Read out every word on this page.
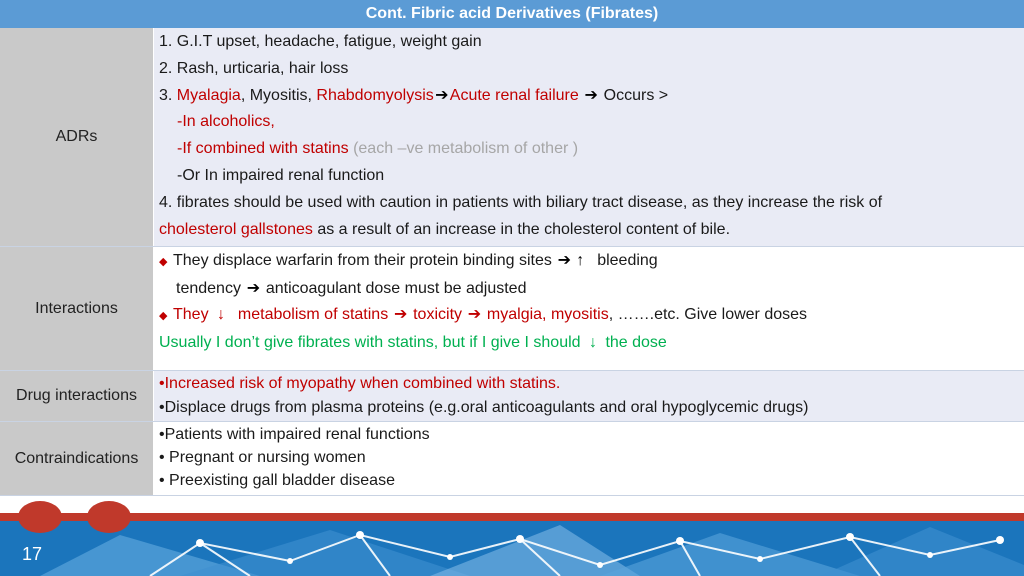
Cont. Fibric acid Derivatives (Fibrates)
ADRs
1. G.I.T upset, headache, fatigue, weight gain
2. Rash, urticaria, hair loss
3. Myalagia, Myositis, Rhabdomyolysis➔Acute renal failure ➔ Occurs >
-In alcoholics,
-If combined with statins (each –ve metabolism of other )
-Or In impaired renal function
4. fibrates should be used with caution in patients with biliary tract disease, as they increase the risk of
cholesterol gallstones as a result of an increase in the cholesterol content of bile.
Interactions
◆ They displace warfarin from their protein binding sites ➔ ↑ bleeding
tendency ➔ anticoagulant dose must be adjusted
◆ They ↓ metabolism of statins ➔ toxicity ➔ myalgia, myositis, …….etc. Give lower doses
Usually I don’t give fibrates with statins, but if I give I should ↓ the dose
Drug interactions
•Increased risk of myopathy when combined with statins.
•Displace drugs from plasma proteins (e.g.oral anticoagulants and oral hypoglycemic drugs)
Contraindications
•Patients with impaired renal functions
• Pregnant or nursing women
• Preexisting gall bladder disease
17
